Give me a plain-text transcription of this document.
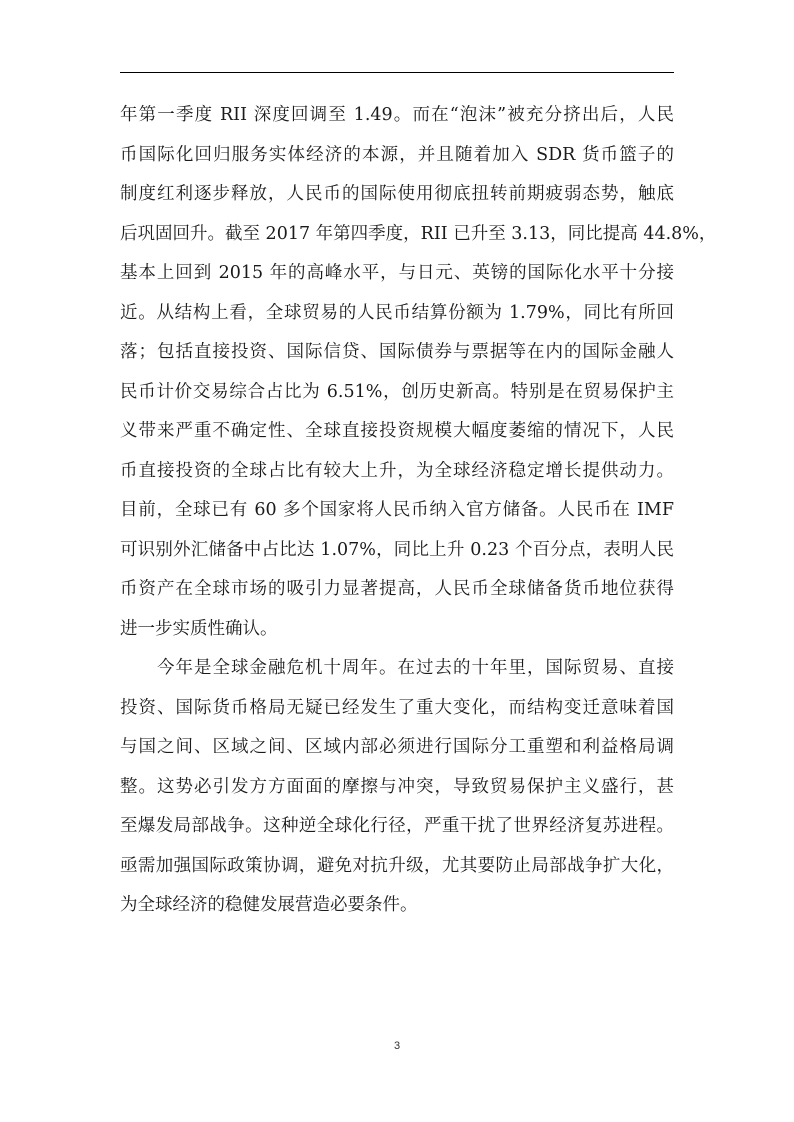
年第一季度 RII 深度回调至 1.49。而在“泡沫”被充分挤出后，人民
币国际化回归服务实体经济的本源，并且随着加入 SDR 货币篮子的
制度红利逐步释放，人民币的国际使用彻底扭转前期疲弱态势，触底
后巩固回升。截至 2017 年第四季度，RII 已升至 3.13，同比提高 44.8%，
基本上回到 2015 年的高峰水平，与日元、英镑的国际化水平十分接
近。从结构上看，全球贸易的人民币结算份额为 1.79%，同比有所回
落；包括直接投资、国际信贷、国际债券与票据等在内的国际金融人
民币计价交易综合占比为 6.51%，创历史新高。特别是在贸易保护主
义带来严重不确定性、全球直接投资规模大幅度萎缩的情况下，人民
币直接投资的全球占比有较大上升，为全球经济稳定增长提供动力。
目前，全球已有 60 多个国家将人民币纳入官方储备。人民币在 IMF
可识别外汇储备中占比达 1.07%，同比上升 0.23 个百分点，表明人民
币资产在全球市场的吸引力显著提高，人民币全球储备货币地位获得
进一步实质性确认。
今年是全球金融危机十周年。在过去的十年里，国际贸易、直接
投资、国际货币格局无疑已经发生了重大变化，而结构变迁意味着国
与国之间、区域之间、区域内部必须进行国际分工重塑和利益格局调
整。这势必引发方方面面的摩擦与冲突，导致贸易保护主义盛行，甚
至爆发局部战争。这种逆全球化行径，严重干扰了世界经济复苏进程。
亟需加强国际政策协调，避免对抗升级，尤其要防止局部战争扩大化，
为全球经济的稳健发展营造必要条件。
3
